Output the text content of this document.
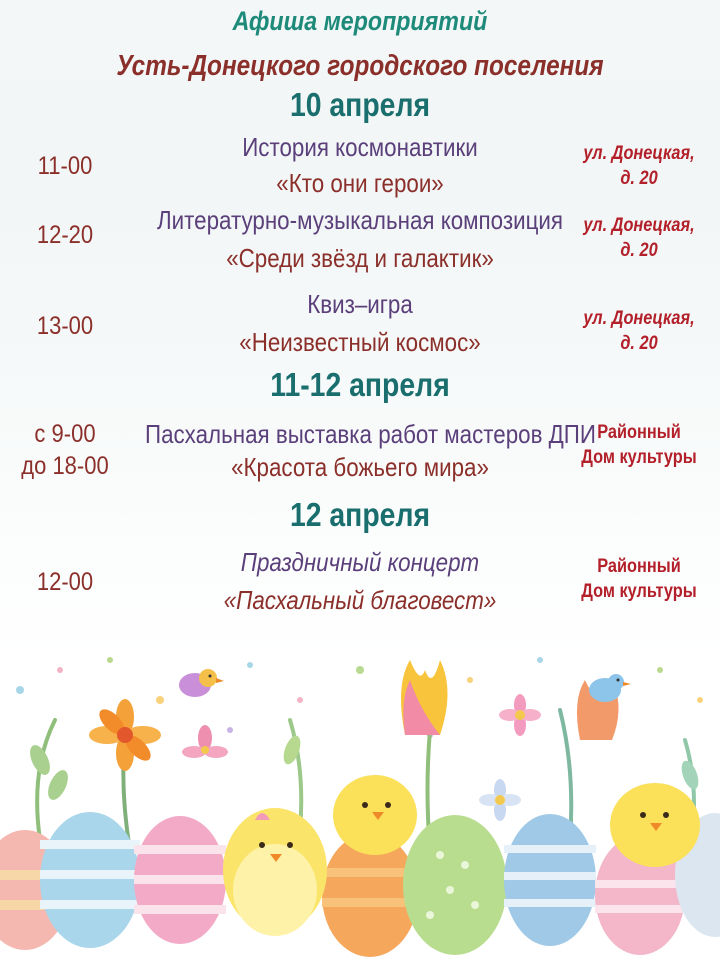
Афиша мероприятий
Усть-Донецкого городского поселения
10 апреля
11-00
История космонавтики
«Кто они герои»
ул. Донецкая,
д. 20
12-20	Литературно-музыкальная композиция
«Среди звёзд и галактик»
ул. Донецкая,
д. 20
13-00
Квиз–игра
«Неизвестный космос»
ул. Донецкая,
д. 20
11-12 апреля
с 9-00
до 18-00
Пасхальная выставка работ мастеров ДПИ
«Красота божьего мира»
Районный
Дом культуры
12 апреля
12-00
Праздничный концерт
«Пасхальный благовест»
Районный
Дом культуры
